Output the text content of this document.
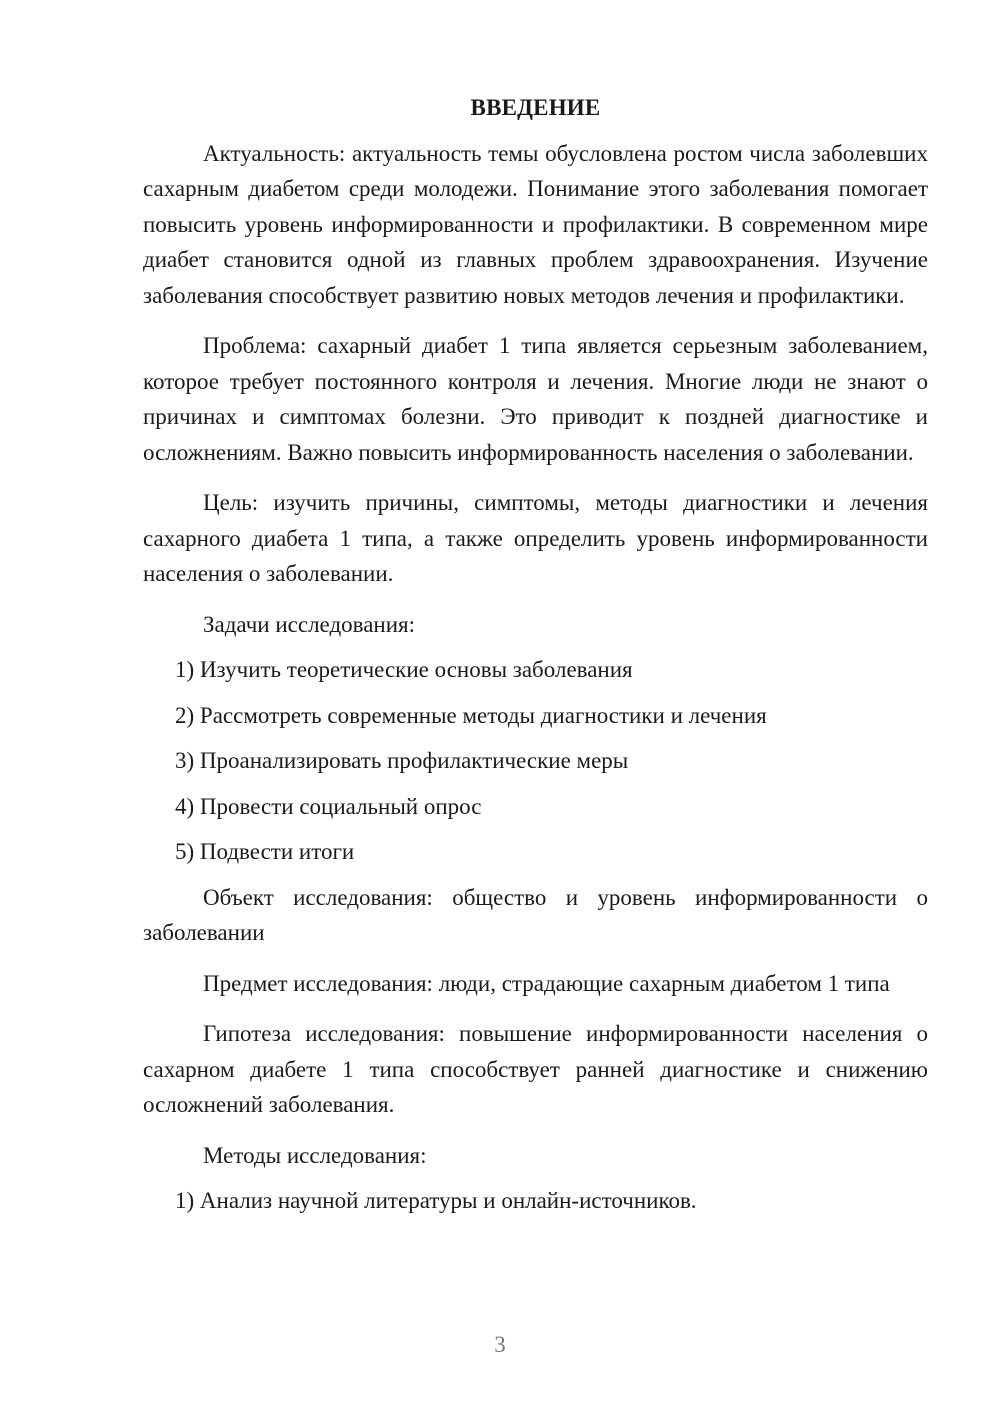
ВВЕДЕНИЕ

Актуальность: актуальность темы обусловлена ростом числа заболевших сахарным диабетом среди молодежи. Понимание этого заболевания помогает повысить уровень информированности и профилактики. В современном мире диабет становится одной из главных проблем здравоохранения. Изучение заболевания способствует развитию новых методов лечения и профилактики.

Проблема: сахарный диабет 1 типа является серьезным заболеванием, которое требует постоянного контроля и лечения. Многие люди не знают о причинах и симптомах болезни. Это приводит к поздней диагностике и осложнениям. Важно повысить информированность населения о заболевании.

Цель: изучить причины, симптомы, методы диагностики и лечения сахарного диабета 1 типа, а также определить уровень информированности населения о заболевании.

Задачи исследования:

1) Изучить теоретические основы заболевания
2) Рассмотреть современные методы диагностики и лечения
3) Проанализировать профилактические меры
4) Провести социальный опрос
5) Подвести итоги

Объект исследования: общество и уровень информированности о заболевании

Предмет исследования: люди, страдающие сахарным диабетом 1 типа

Гипотеза исследования: повышение информированности населения о сахарном диабете 1 типа способствует ранней диагностике и снижению осложнений заболевания.

Методы исследования:

1) Анализ научной литературы и онлайн-источников.
3
